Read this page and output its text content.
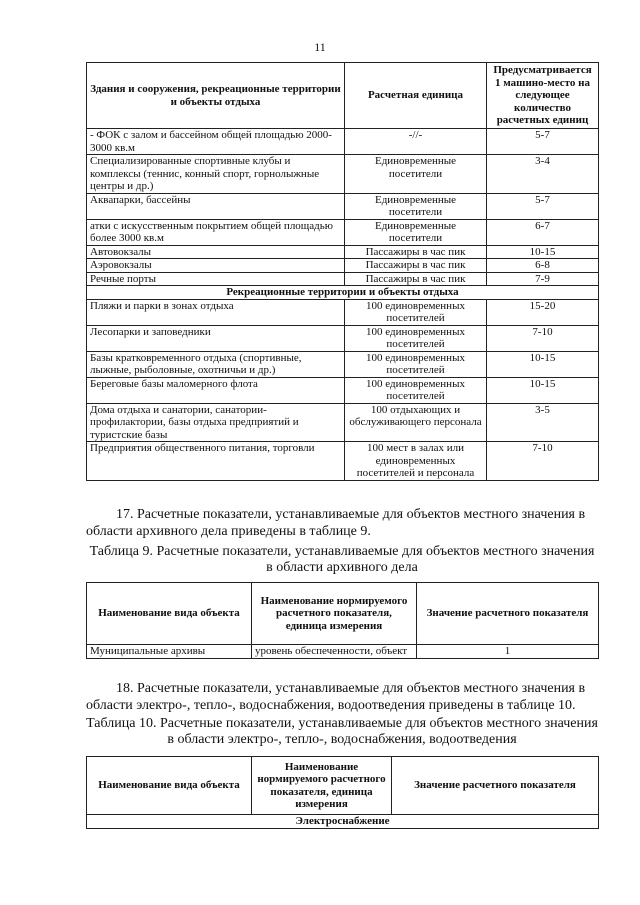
11
Здания и сооружения, рекреационные территории и объекты отдыха	Расчетная единица	Предусматривается 1 машино-место на следующее количество расчетных единиц
- ФОК с залом и бассейном общей площадью 2000-3000 кв.м	-//-	5-7
Специализированные спортивные клубы и комплексы (теннис, конный спорт, горнолыжные центры и др.)	Единовременные посетители	3-4
Аквапарки, бассейны	Единовременные посетители	5-7
атки с искусственным покрытием общей площадью более 3000 кв.м	Единовременные посетители	6-7
Автовокзалы	Пассажиры в час пик	10-15
Аэровокзалы	Пассажиры в час пик	6-8
Речные порты	Пассажиры в час пик	7-9
Рекреационные территории и объекты отдыха		
Пляжи и парки в зонах отдыха	100 единовременных посетителей	15-20
Лесопарки и заповедники	100 единовременных посетителей	7-10
Базы кратковременного отдыха (спортивные, лыжные, рыболовные, охотничьи и др.)	100 единовременных посетителей	10-15
Береговые базы маломерного флота	100 единовременных посетителей	10-15
Дома отдыха и санатории, санатории-профилактории, базы отдыха предприятий и туристские базы	100 отдыхающих и обслуживающего персонала	3-5
Предприятия общественного питания, торговли	100 мест в залах или единовременных посетителей и персонала	7-10
17. Расчетные показатели, устанавливаемые для объектов местного значения в области архивного дела приведены в таблице 9.
Таблица 9. Расчетные показатели, устанавливаемые для объектов местного значения в области архивного дела
Наименование вида объекта	Наименование нормируемого расчетного показателя, единица измерения	Значение расчетного показателя
Муниципальные архивы	уровень обеспеченности, объект	1
18. Расчетные показатели, устанавливаемые для объектов местного значения в области электро-, тепло-, водоснабжения, водоотведения приведены в таблице 10.
Таблица 10. Расчетные показатели, устанавливаемые для объектов местного значения в области электро-, тепло-, водоснабжения, водоотведения
Наименование вида объекта	Наименование нормируемого расчетного показателя, единица измерения	Значение расчетного показателя
Электроснабжение
